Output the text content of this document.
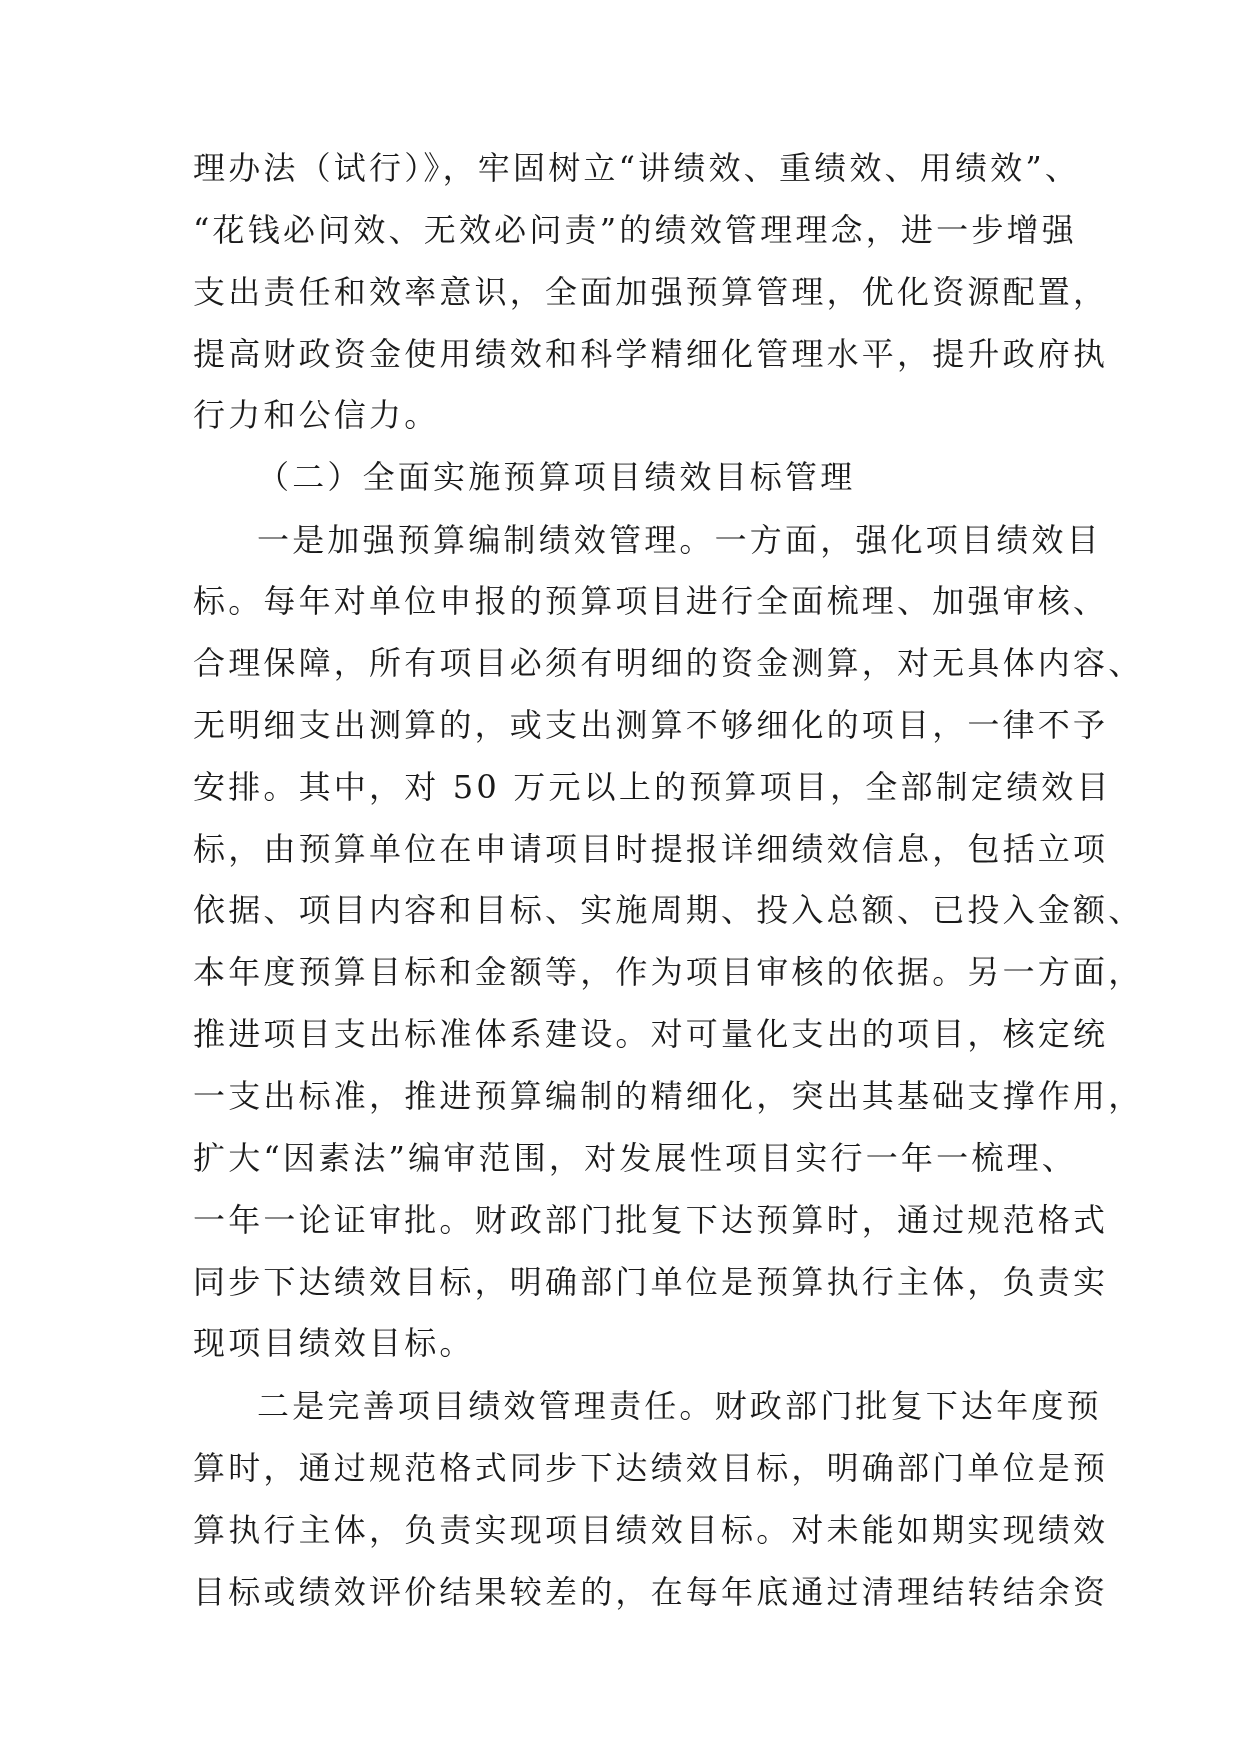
理办法（试行）》，牢固树立“讲绩效、重绩效、用绩效”、
“花钱必问效、无效必问责”的绩效管理理念，进一步增强
支出责任和效率意识，全面加强预算管理，优化资源配置，
提高财政资金使用绩效和科学精细化管理水平，提升政府执
行力和公信力。
（二）全面实施预算项目绩效目标管理
一是加强预算编制绩效管理。一方面，强化项目绩效目
标。每年对单位申报的预算项目进行全面梳理、加强审核、
合理保障，所有项目必须有明细的资金测算，对无具体内容、
无明细支出测算的，或支出测算不够细化的项目，一律不予
安排。其中，对 50 万元以上的预算项目，全部制定绩效目
标，由预算单位在申请项目时提报详细绩效信息，包括立项
依据、项目内容和目标、实施周期、投入总额、已投入金额、
本年度预算目标和金额等，作为项目审核的依据。另一方面，
推进项目支出标准体系建设。对可量化支出的项目，核定统
一支出标准，推进预算编制的精细化，突出其基础支撑作用，
扩大“因素法”编审范围，对发展性项目实行一年一梳理、
一年一论证审批。财政部门批复下达预算时，通过规范格式
同步下达绩效目标，明确部门单位是预算执行主体，负责实
现项目绩效目标。
二是完善项目绩效管理责任。财政部门批复下达年度预
算时，通过规范格式同步下达绩效目标，明确部门单位是预
算执行主体，负责实现项目绩效目标。对未能如期实现绩效
目标或绩效评价结果较差的，在每年底通过清理结转结余资
